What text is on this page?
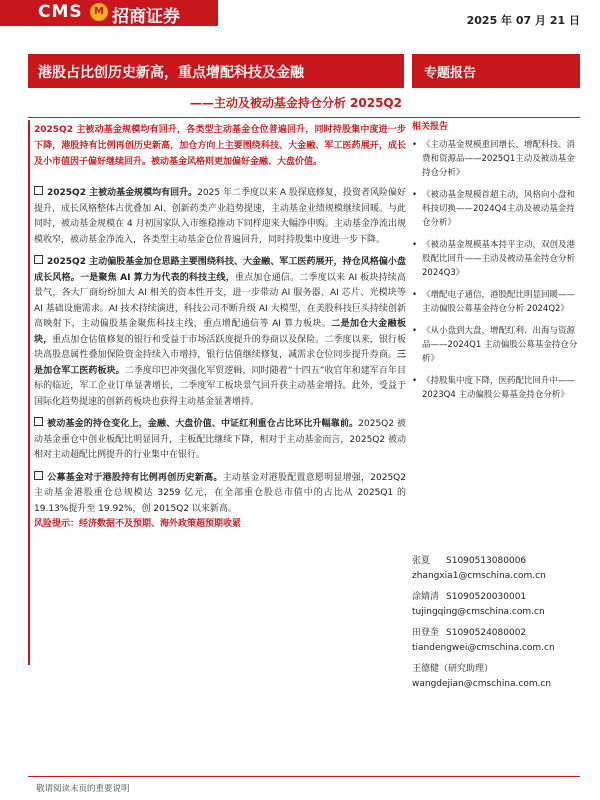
CMS	M 招商证券	2025 年 07 月 21 日
港股占比创历史新高，重点增配科技及金融	专题报告
——主动及被动基金持仓分析 2025Q2
2025Q2 主被动基金规模均有回升，各类型主动基金仓位普遍回升，同时持股集中度进一步下降，港股持有比例再创历史新高，加仓方向上主要围绕科技、大金融、军工医药展开，成长及小市值因子偏好继续回升。被动基金风格则更加偏好金融、大盘价值。

2025Q2 主被动基金规模均有回升。2025 年二季度以来 A 股探底修复，投资者风险偏好提升，成长风格整体占优叠加 AI、创新药类产业趋势提速，主动基金业绩规模继续回暖。与此同时，被动基金规模在 4 月初国家队入市维稳推动下同样迎来大幅净申购。主动基金净流出规模收窄，被动基金净流入，各类型主动基金仓位普遍回升，同时持股集中度进一步下降。

2025Q2 主动偏股基金加仓思路主要围绕科技、大金融、军工医药展开，持仓风格偏小盘成长风格。一是聚焦 AI 算力为代表的科技主线，重点加仓通信。二季度以来 AI 板块持续高景气，各大厂商纷纷加大 AI 相关的资本性开支，进一步带动 AI 服务器、AI 芯片、光模块等 AI 基础设施需求。AI 技术持续演进，科技公司不断升级 AI 大模型，在美股科技巨头持续创新高映射下，主动偏股基金聚焦科技主线，重点增配通信等 AI 算力板块。二是加仓大金融板块，重点加仓估值修复的银行和受益于市场活跃度提升的券商以及保险。二季度以来，银行板块高股息属性叠加保险资金持续入市增持，银行估值继续修复，减需求仓位同步提升券商。三是加仓军工医药板块。二季度印巴冲突强化军贸逻辑，同时随着“十四五”收官年和建军百年目标的临近，军工企业订单显著增长，二季度军工板块景气回升获主动基金增持。此外，受益于国际化趋势提速的创新药板块也获得主动基金显著增持。

被动基金的持仓变化上，金融、大盘价值、中证红利重仓占比环比升幅靠前。2025Q2 被动基金重仓中创业板配比明显回升，主板配比继续下降，相对于主动基金而言，2025Q2 被动相对主动超配比例提升的行业集中在银行。

公募基金对于港股持有比例再创历史新高。主动基金对港股配置意愿明显增强，2025Q2 主动基金港股重仓总规模达 3259 亿元，在全部重仓股总市值中的占比从 2025Q1 的 19.13%提升至 19.92%，创 2015Q2 以来新高。
风险提示：经济数据不及预期、海外政策超预期收紧

相关报告
• 《主动基金规模重回增长，增配科技、消费和资源品——2025Q1主动及被动基金持仓分析》
• 《被动基金规模首超主动，风格向小盘和科技切换——2024Q4主动及被动基金持仓分析》
• 《被动基金规模基本持平主动，双创及港股配比回升——主动及被动基金持仓分析 2024Q3》
• 《增配电子通信，港股配比明显回暖——主动偏股公募基金持仓分析 2024Q2》
• 《从小盘到大盘，增配红利、出海与资源品——2024Q1 主动偏股公募基金持仓分析》
• 《持股集中度下降，医药配比回升中——2023Q4 主动偏股公募基金持仓分析》
张夏	S1090513080006
zhangxia1@cmschina.com.cn
涂婧清 S1090520030001
tujingqing@cmschina.com.cn
田登奎 S1090524080002
tiandengwei@cmschina.com.cn
王德健（研究助理）
wangdejian@cmschina.com.cn
敬请阅读末页的重要说明
